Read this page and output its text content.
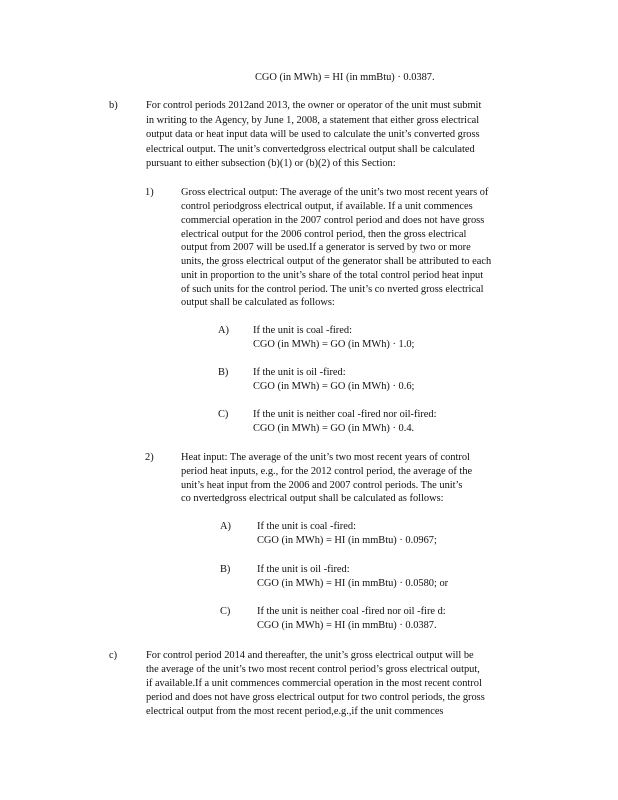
CGO (in MWh) = HI (in mmBtu) · 0.0387.
b)	For control periods 2012and 2013, the owner or operator of the unit must submit
in writing to the Agency, by June 1, 2008, a statement that either gross electrical
output data or heat input data will be used to calculate the unit’s converted gross
electrical output. The unit’s convertedgross electrical output shall be calculated
pursuant to either subsection (b)(1) or (b)(2) of this Section:
1)	Gross electrical output: The average of the unit’s two most recent years of
control periodgross electrical output, if available. If a unit commences
commercial operation in the 2007 control period and does not have gross
electrical output for the 2006 control period, then the gross electrical
output from 2007 will be used.If a generator is served by two or more
units, the gross electrical output of the generator shall be attributed to each
unit in proportion to the unit’s share of the total control period heat input
of such units for the control period. The unit’s co nverted gross electrical
output shall be calculated as follows:
A) If the unit is coal -fired:
CGO (in MWh) = GO (in MWh) · 1.0;
B) If the unit is oil -fired:
CGO (in MWh) = GO (in MWh) · 0.6;
C) If the unit is neither coal -fired nor oil-fired:
CGO (in MWh) = GO (in MWh) · 0.4.
2)	Heat input: The average of the unit’s two most recent years of control
period heat inputs, e.g., for the 2012 control period, the average of the
unit’s heat input from the 2006 and 2007 control periods. The unit’s
co nvertedgross electrical output shall be calculated as follows:
A)	If the unit is coal -fired:
CGO (in MWh) = HI (in mmBtu) · 0.0967;
B)	If the unit is oil -fired:
CGO (in MWh) = HI (in mmBtu) · 0.0580; or
C)	If the unit is neither coal -fired nor oil -fire d:
CGO (in MWh) = HI (in mmBtu) · 0.0387.
c)	For control period 2014 and thereafter, the unit’s gross electrical output will be
the average of the unit’s two most recent control period’s gross electrical output,
if available.If a unit commences commercial operation in the most recent control
period and does not have gross electrical output for two control periods, the gross
electrical output from the most recent period,e.g.,if the unit commences
